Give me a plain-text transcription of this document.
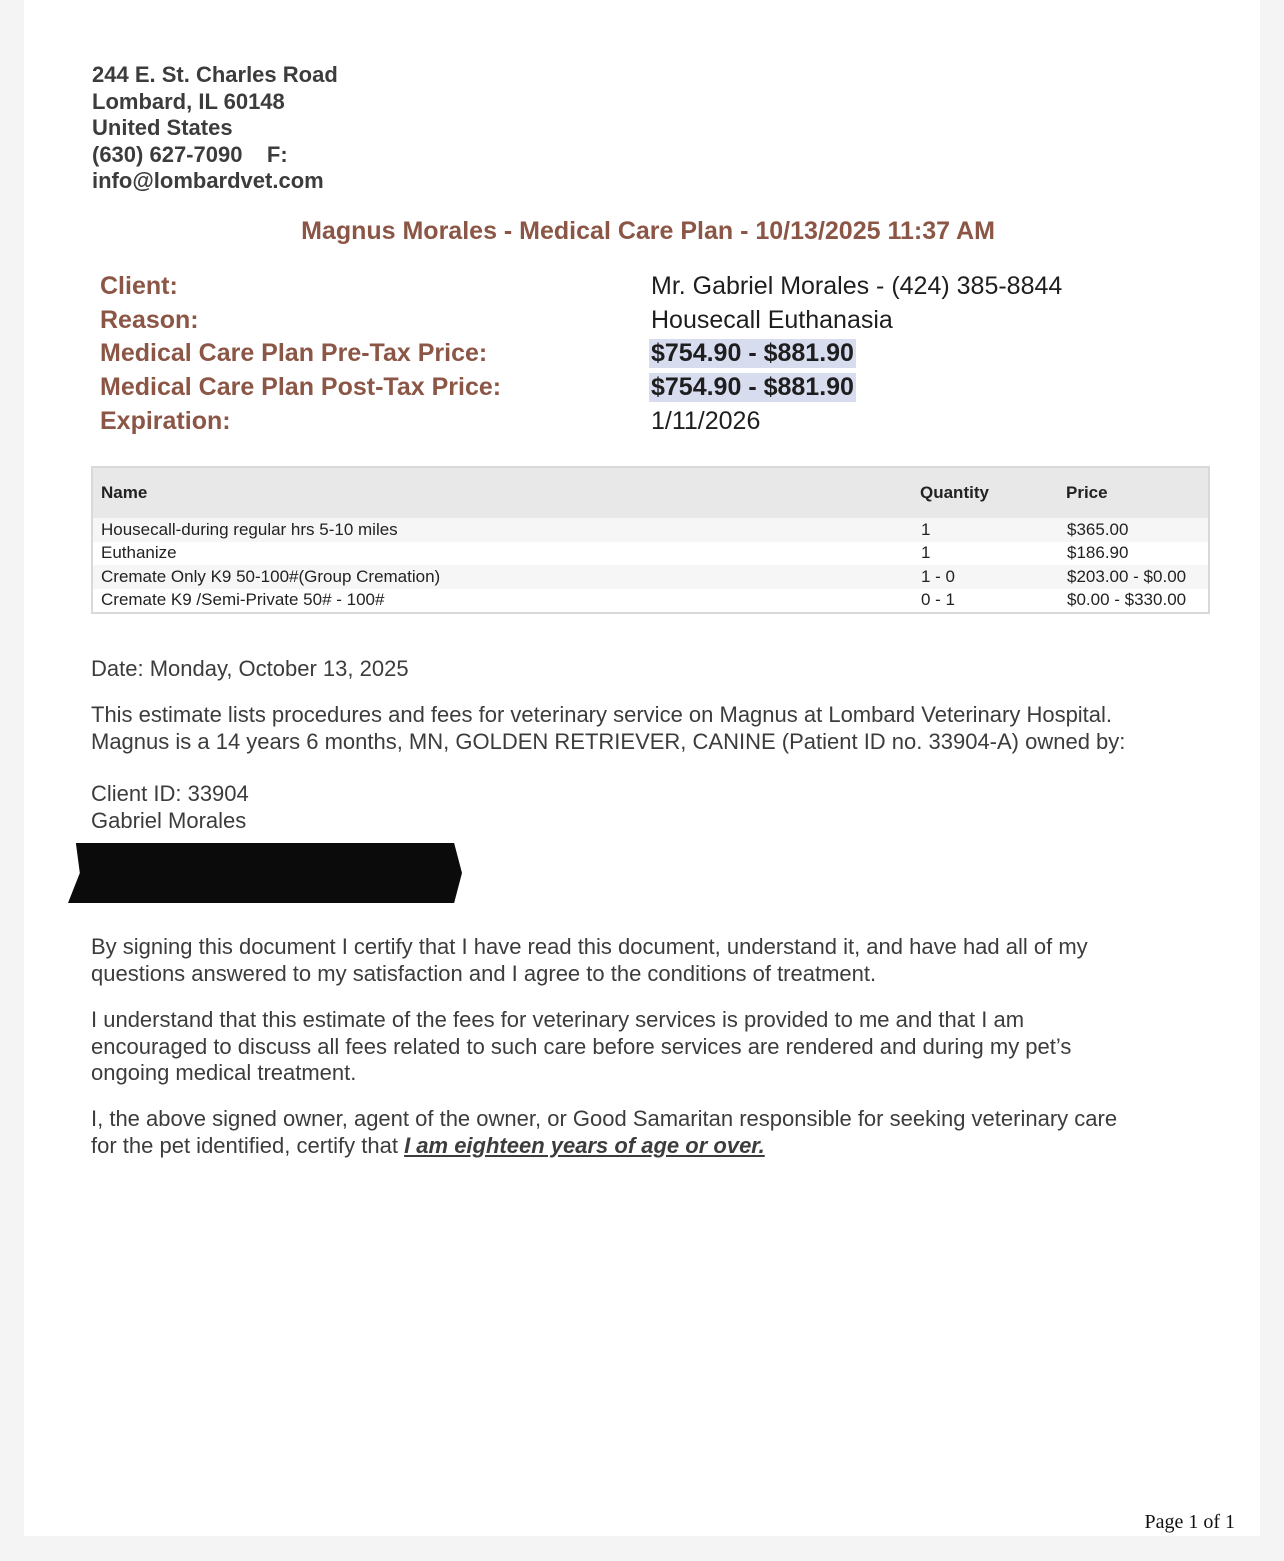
244 E. St. Charles Road
Lombard, IL 60148
United States
(630) 627-7090 F:
info@lombardvet.com
Magnus Morales - Medical Care Plan - 10/13/2025 11:37 AM
Client:	Mr. Gabriel Morales - (424) 385-8844
Reason:	Housecall Euthanasia
Medical Care Plan Pre-Tax Price:	$754.90 - $881.90
Medical Care Plan Post-Tax Price:	$754.90 - $881.90
Expiration:	1/11/2026
Name	Quantity	Price
Housecall-during regular hrs 5-10 miles	1	$365.00
Euthanize	1	$186.90
Cremate Only K9 50-100#(Group Cremation)	1 - 0	$203.00 - $0.00
Cremate K9 /Semi-Private 50# - 100#	0 - 1	$0.00 - $330.00
Date: Monday, October 13, 2025
This estimate lists procedures and fees for veterinary service on Magnus at Lombard Veterinary Hospital.
Magnus is a 14 years 6 months, MN, GOLDEN RETRIEVER, CANINE (Patient ID no. 33904-A) owned by:
Client ID: 33904
Gabriel Morales
By signing this document I certify that I have read this document, understand it, and have had all of my
questions answered to my satisfaction and I agree to the conditions of treatment.
I understand that this estimate of the fees for veterinary services is provided to me and that I am
encouraged to discuss all fees related to such care before services are rendered and during my pet’s
ongoing medical treatment.
I, the above signed owner, agent of the owner, or Good Samaritan responsible for seeking veterinary care
for the pet identified, certify that I am eighteen years of age or over.
Page 1 of 1
